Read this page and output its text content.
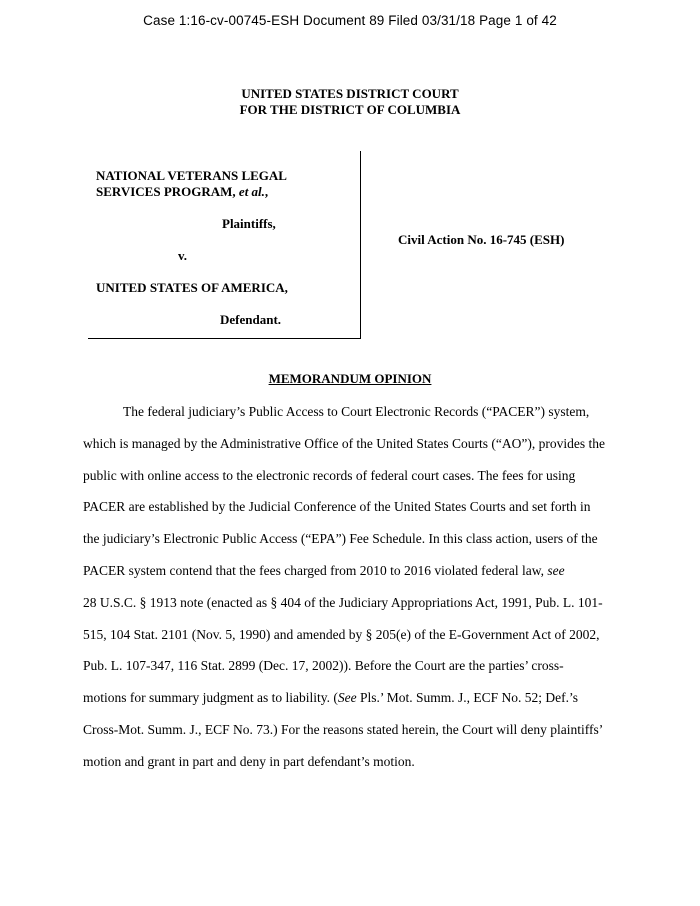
Case 1:16-cv-00745-ESH Document 89 Filed 03/31/18 Page 1 of 42
UNITED STATES DISTRICT COURT
FOR THE DISTRICT OF COLUMBIA
NATIONAL VETERANS LEGAL
SERVICES PROGRAM, et al.,
Plaintiffs,
v.
UNITED STATES OF AMERICA,
Defendant.
Civil Action No. 16-745 (ESH)
MEMORANDUM OPINION
The federal judiciary’s Public Access to Court Electronic Records (“PACER”) system,
which is managed by the Administrative Office of the United States Courts (“AO”), provides the
public with online access to the electronic records of federal court cases. The fees for using
PACER are established by the Judicial Conference of the United States Courts and set forth in
the judiciary’s Electronic Public Access (“EPA”) Fee Schedule. In this class action, users of the
PACER system contend that the fees charged from 2010 to 2016 violated federal law, see
28 U.S.C. § 1913 note (enacted as § 404 of the Judiciary Appropriations Act, 1991, Pub. L. 101-
515, 104 Stat. 2101 (Nov. 5, 1990) and amended by § 205(e) of the E-Government Act of 2002,
Pub. L. 107-347, 116 Stat. 2899 (Dec. 17, 2002)). Before the Court are the parties’ cross-
motions for summary judgment as to liability. (See Pls.’ Mot. Summ. J., ECF No. 52; Def.’s
Cross-Mot. Summ. J., ECF No. 73.) For the reasons stated herein, the Court will deny plaintiffs’
motion and grant in part and deny in part defendant’s motion.
